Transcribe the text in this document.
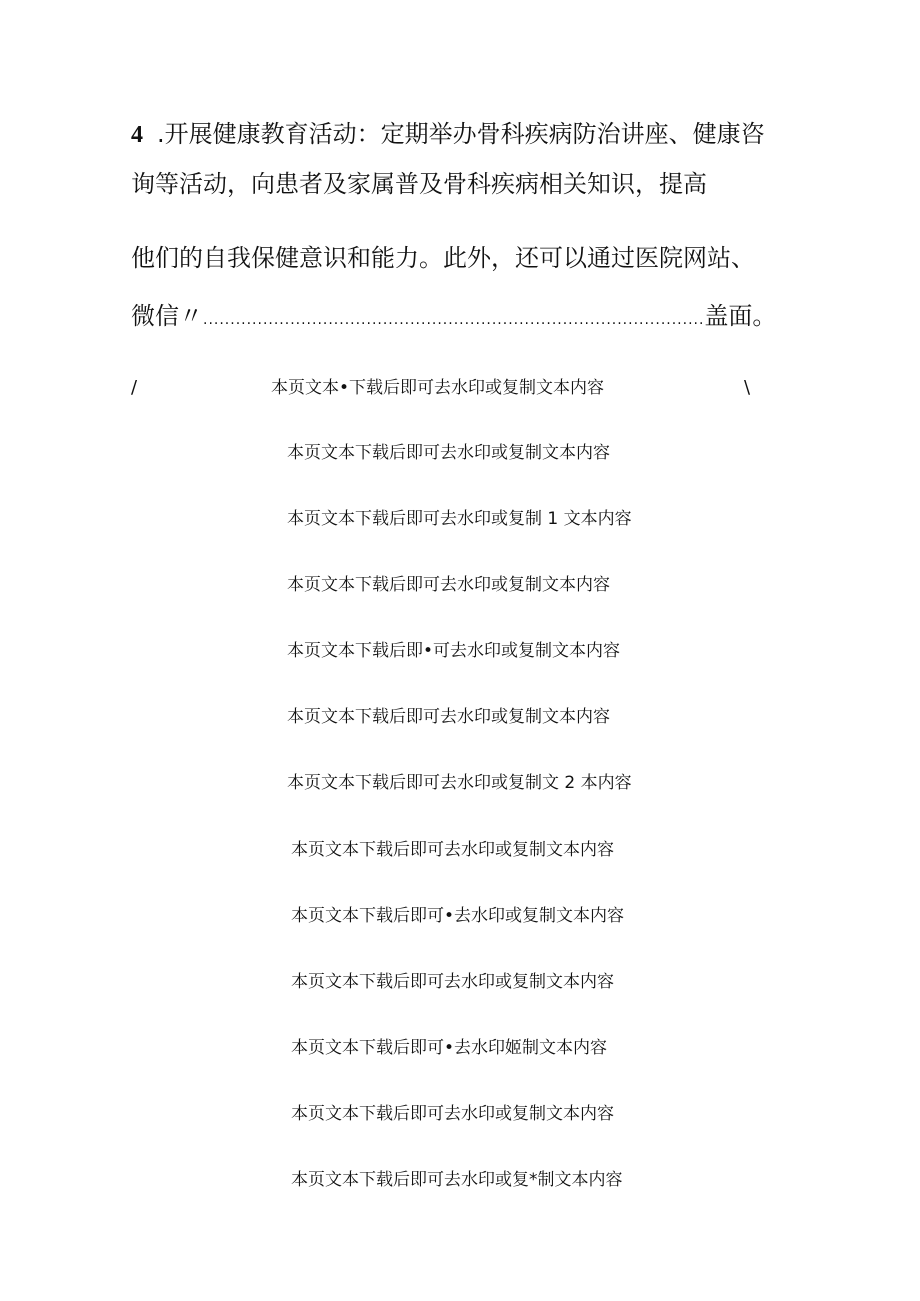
4 .开展健康教育活动：定期举办骨科疾病防治讲座、健康咨
询等活动，向患者及家属普及骨科疾病相关知识，提高
他们的自我保健意识和能力。此外，还可以通过医院网站、
微信〃............................................................................................盖面。
/	本页文本•下载后即可去水印或复制文本内容	\
本页文本下载后即可去水印或复制文本内容
本页文本下载后即可去水印或复制 1 文本内容
本页文本下载后即可去水印或复制文本内容
本页文本下载后即•可去水印或复制文本内容
本页文本下载后即可去水印或复制文本内容
本页文本下载后即可去水印或复制文 2 本内容
本页文本下载后即可去水印或复制文本内容
本页文本下载后即可•去水印或复制文本内容
本页文本下载后即可去水印或复制文本内容
本页文本下载后即可•去水印姬制文本内容
本页文本下载后即可去水印或复制文本内容
本页文本下载后即可去水印或复*制文本内容
